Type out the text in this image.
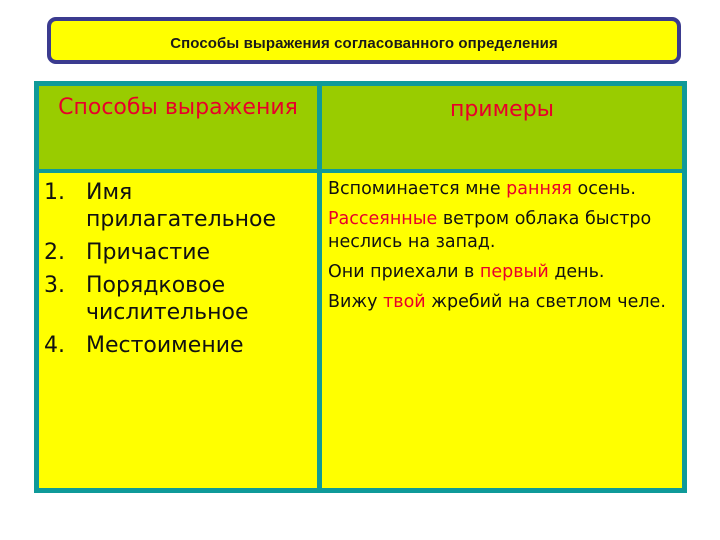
Способы выражения согласованного определения
Способы выражения	примеры
1. Имя прилагательное
2. Причастие
3. Порядковое числительное
4. Местоимение

Вспоминается мне ранняя осень.

Рассеянные ветром облака быстро неслись на запад.

Они приехали в первый день.

Вижу твой жребий на светлом челе.
